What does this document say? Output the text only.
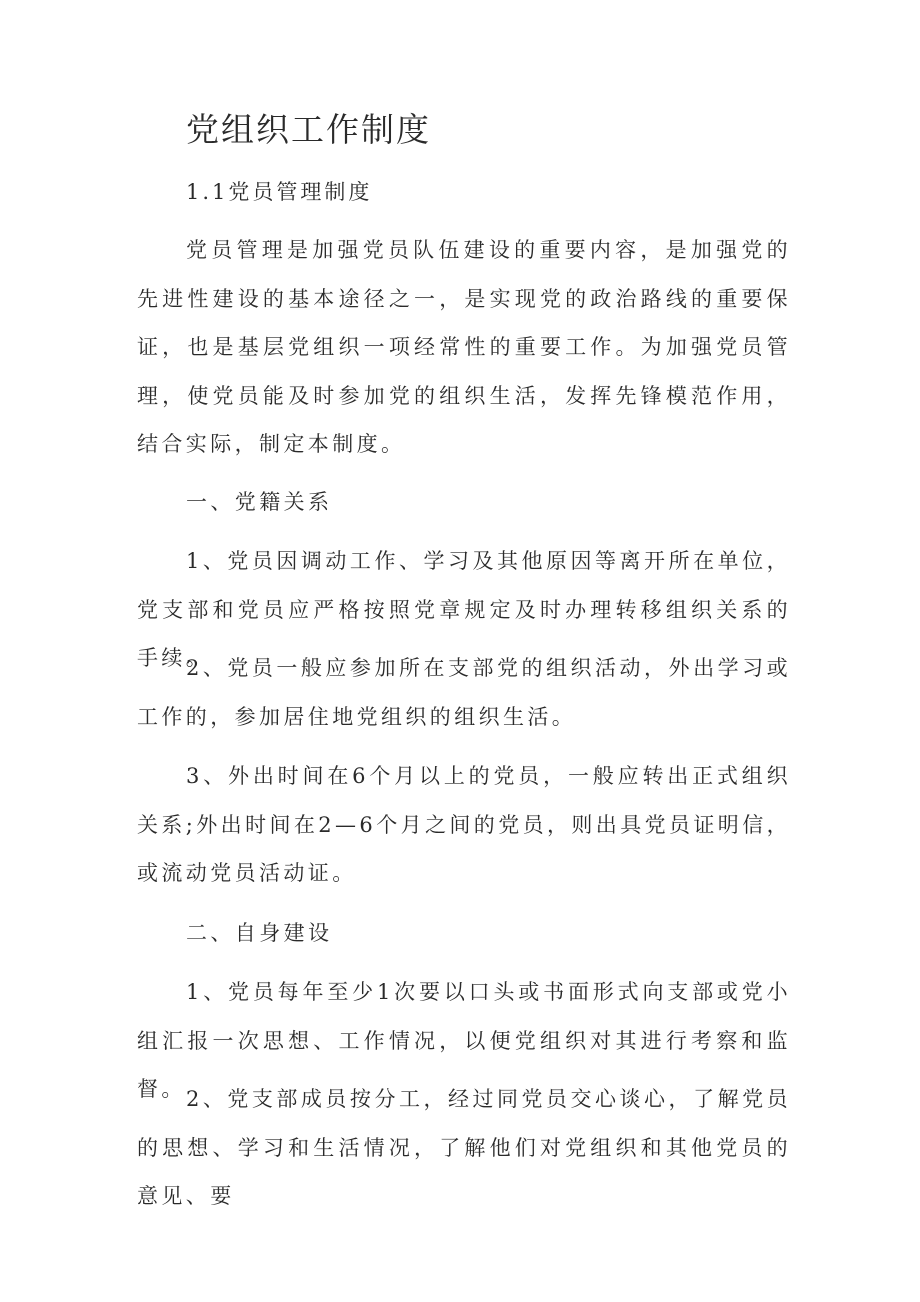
党组织工作制度

1.1党员管理制度

党员管理是加强党员队伍建设的重要内容，是加强党的先进性建设的基本途径之一，是实现党的政治路线的重要保证，也是基层党组织一项经常性的重要工作。为加强党员管理，使党员能及时参加党的组织生活，发挥先锋模范作用，结合实际，制定本制度。

一、党籍关系

1、党员因调动工作、学习及其他原因等离开所在单位，党支部和党员应严格按照党章规定及时办理转移组织关系的手续。

2、党员一般应参加所在支部党的组织活动，外出学习或工作的，参加居住地党组织的组织生活。

3、外出时间在6个月以上的党员，一般应转出正式组织关系;外出时间在2—6个月之间的党员，则出具党员证明信，或流动党员活动证。

二、自身建设

1、党员每年至少1次要以口头或书面形式向支部或党小组汇报一次思想、工作情况，以便党组织对其进行考察和监督。 2、党支部成员按分工，经过同党员交心谈心，了解党员的思想、学习和生活情况，了解他们对党组织和其他党员的意见、要
